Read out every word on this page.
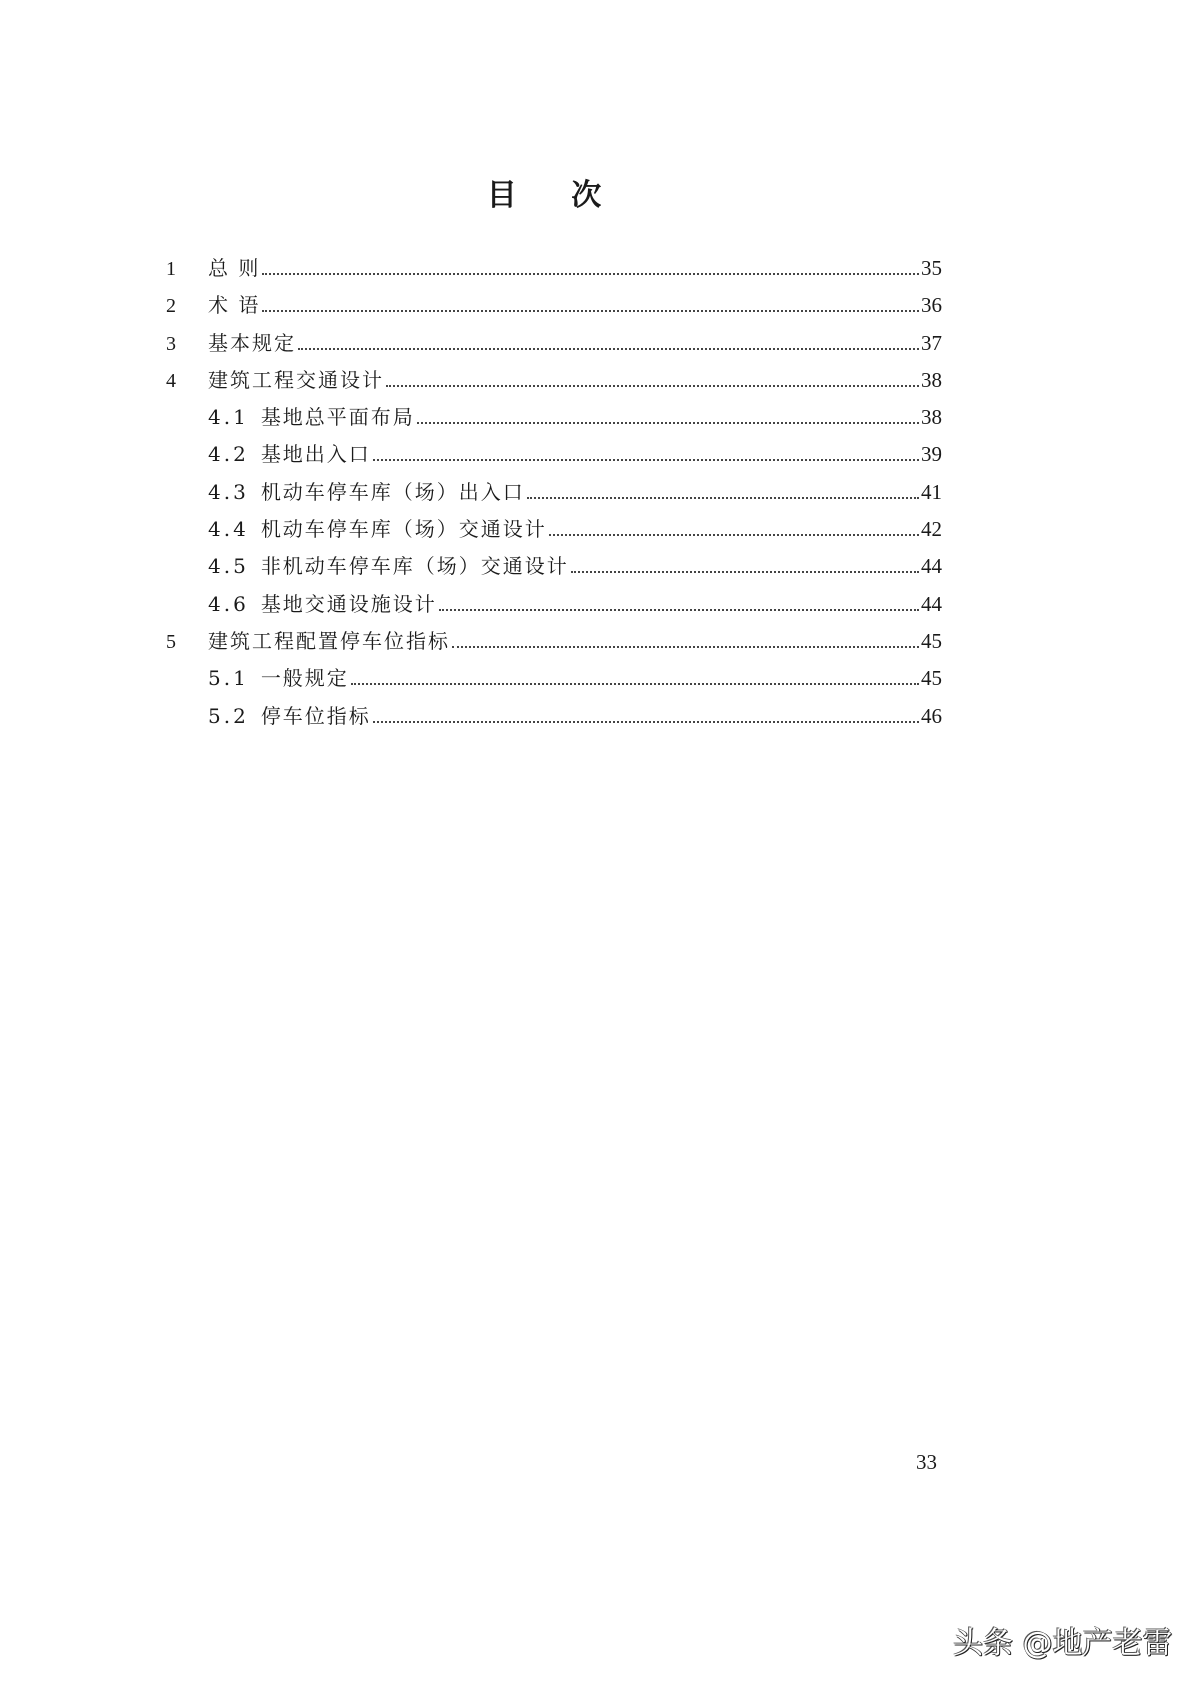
目 次
1	总 则	35
2	术 语	36
3	基本规定	37
4	建筑工程交通设计	38
4.1 基地总平面布局	38
4.2 基地出入口	39
4.3 机动车停车库（场）出入口	41
4.4 机动车停车库（场）交通设计	42
4.5 非机动车停车库（场）交通设计	44
4.6 基地交通设施设计	44
5	建筑工程配置停车位指标	45
5.1 一般规定	45
5.2 停车位指标	46
33
头条 @地产老雷
